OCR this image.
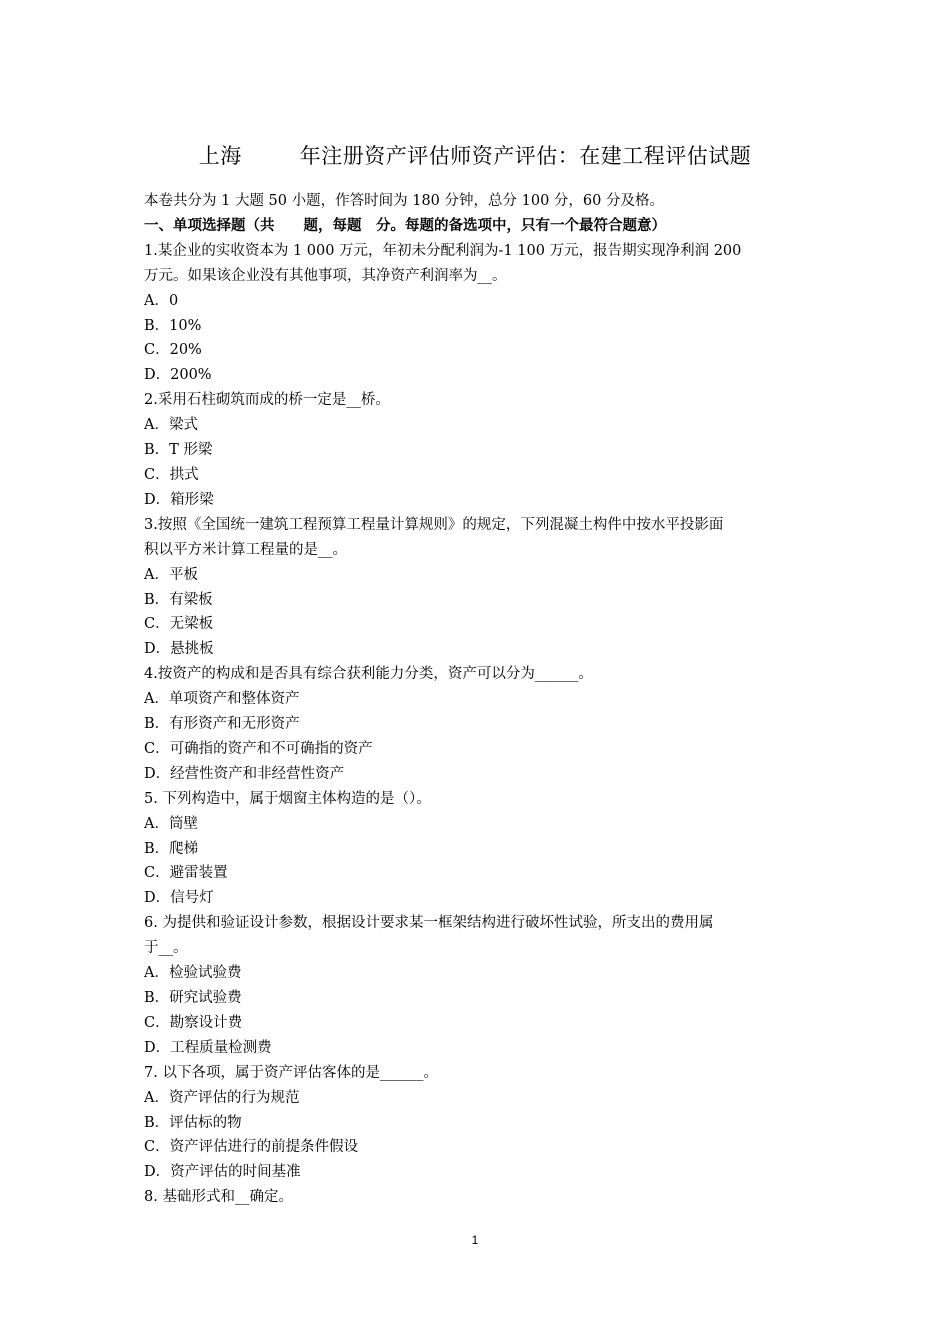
上海	年注册资产评估师资产评估：在建工程评估试题

本卷共分为 1 大题 50 小题，作答时间为 180 分钟，总分 100 分，60 分及格。

一、单项选择题（共　　题，每题　分。每题的备选项中，只有一个最符合题意）

1.某企业的实收资本为 1 000 万元，年初未分配利润为-1 100 万元，报告期实现净利润 200

万元。如果该企业没有其他事项，其净资产利润率为__。

A．0

B．10%

C．20%

D．200%

2.采用石柱砌筑而成的桥一定是__桥。

A．梁式

B．T 形梁

C．拱式

D．箱形梁

3.按照《全国统一建筑工程预算工程量计算规则》的规定，下列混凝土构件中按水平投影面

积以平方米计算工程量的是__。

A．平板

B．有梁板

C．无梁板

D．悬挑板

4.按资产的构成和是否具有综合获利能力分类，资产可以分为______。

A．单项资产和整体资产

B．有形资产和无形资产

C．可确指的资产和不可确指的资产

D．经营性资产和非经营性资产

5. 下列构造中，属于烟窗主体构造的是（）。

A．筒壁

B．爬梯

C．避雷装置

D．信号灯

6. 为提供和验证设计参数，根据设计要求某一框架结构进行破坏性试验，所支出的费用属

于__。

A．检验试验费

B．研究试验费

C．勘察设计费

D．工程质量检测费

7. 以下各项，属于资产评估客体的是______。

A．资产评估的行为规范

B．评估标的物

C．资产评估进行的前提条件假设

D．资产评估的时间基准

8. 基础形式和__确定。

1
